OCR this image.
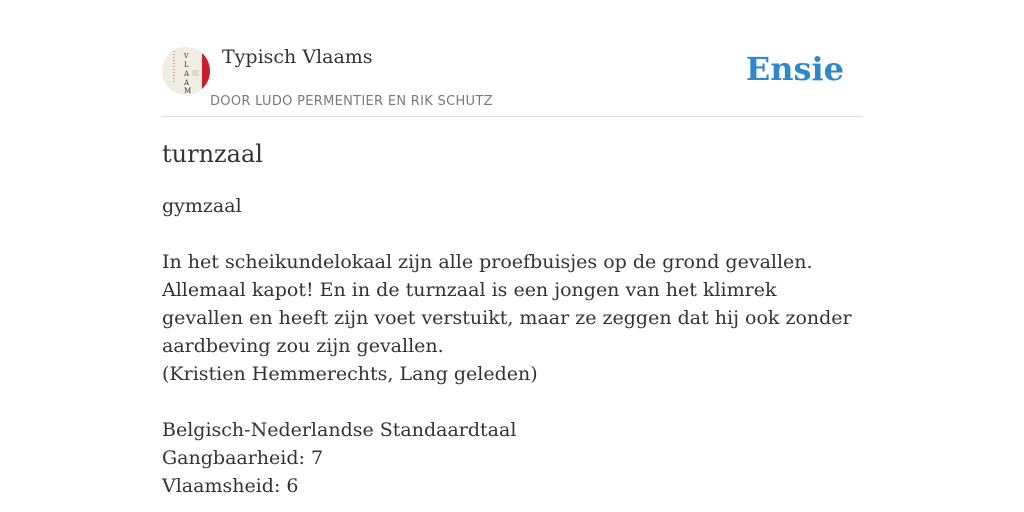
V
L
A
A
M
Typisch Vlaams
DOOR LUDO PERMENTIER EN RIK SCHUTZ
Ensie
turnzaal

gymzaal

In het scheikundelokaal zijn alle proefbuisjes op de grond gevallen. Allemaal kapot! En in de turnzaal is een jongen van het klimrek gevallen en heeft zijn voet verstuikt, maar ze zeggen dat hij ook zonder aardbeving zou zijn gevallen.

(Kristien Hemmerechts, Lang geleden)

Belgisch-Nederlandse Standaardtaal

Gangbaarheid: 7

Vlaamsheid: 6
